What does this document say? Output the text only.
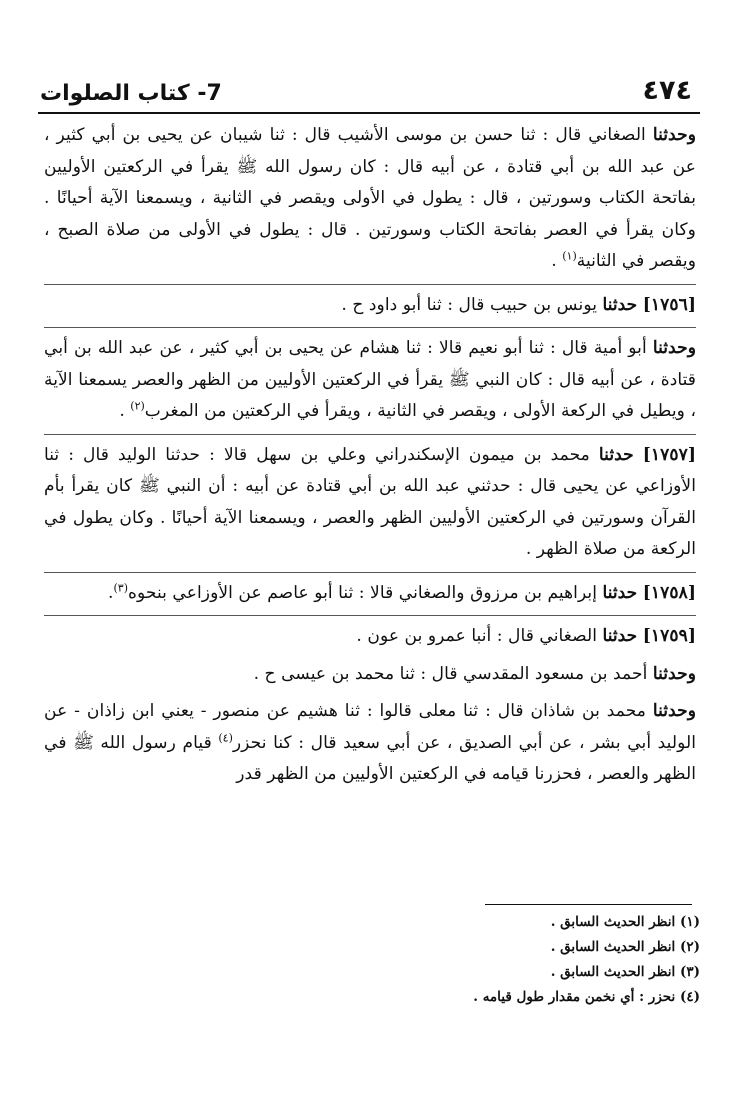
٤٧٤
7- كتاب الصلوات

وحدثنا الصغاني قال : ثنا حسن بن موسى الأشيب قال : ثنا شيبان عن يحيى بن أبي كثير ، عن عبد الله بن أبي قتادة ، عن أبيه قال : كان رسول الله ﷺ يقرأ في الركعتين الأوليين بفاتحة الكتاب وسورتين ، قال : يطول في الأولى ويقصر في الثانية ، ويسمعنا الآية أحيانًا . وكان يقرأ في العصر بفاتحة الكتاب وسورتين . قال : يطول في الأولى من صلاة الصبح ، ويقصر في الثانية$^{(١)}$ .

[١٧٥٦] حدثنا يونس بن حبيب قال : ثنا أبو داود ح .

وحدثنا أبو أمية قال : ثنا أبو نعيم قالا : ثنا هشام عن يحيى بن أبي كثير ، عن عبد الله بن أبي قتادة ، عن أبيه قال : كان النبي ﷺ يقرأ في الركعتين الأوليين من الظهر والعصر يسمعنا الآية ، ويطيل في الركعة الأولى ، ويقصر في الثانية ، ويقرأ في الركعتين من المغرب$^{(٢)}$ .

[١٧٥٧] حدثنا محمد بن ميمون الإسكندراني وعلي بن سهل قالا : حدثنا الوليد قال : ثنا الأوزاعي عن يحيى قال : حدثني عبد الله بن أبي قتادة عن أبيه : أن النبي ﷺ كان يقرأ بأم القرآن وسورتين في الركعتين الأوليين الظهر والعصر ، ويسمعنا الآية أحيانًا . وكان يطول في الركعة من صلاة الظهر .

[١٧٥٨] حدثنا إبراهيم بن مرزوق والصغاني قالا : ثنا أبو عاصم عن الأوزاعي بنحوه$^{(٣)}$.

[١٧٥٩] حدثنا الصغاني قال : أنبا عمرو بن عون .

وحدثنا أحمد بن مسعود المقدسي قال : ثنا محمد بن عيسى ح .

وحدثنا محمد بن شاذان قال : ثنا معلى قالوا : ثنا هشيم عن منصور - يعني ابن زاذان - عن الوليد أبي بشر ، عن أبي الصديق ، عن أبي سعيد قال : كنا نحزر$^{(٤)}$ قيام رسول الله ﷺ في الظهر والعصر ، فحزرنا قيامه في الركعتين الأوليين من الظهر قدر

(١) انظر الحديث السابق .

(٢) انظر الحديث السابق .

(٣) انظر الحديث السابق .

(٤) نحزر : أي نخمن مقدار طول قيامه .
